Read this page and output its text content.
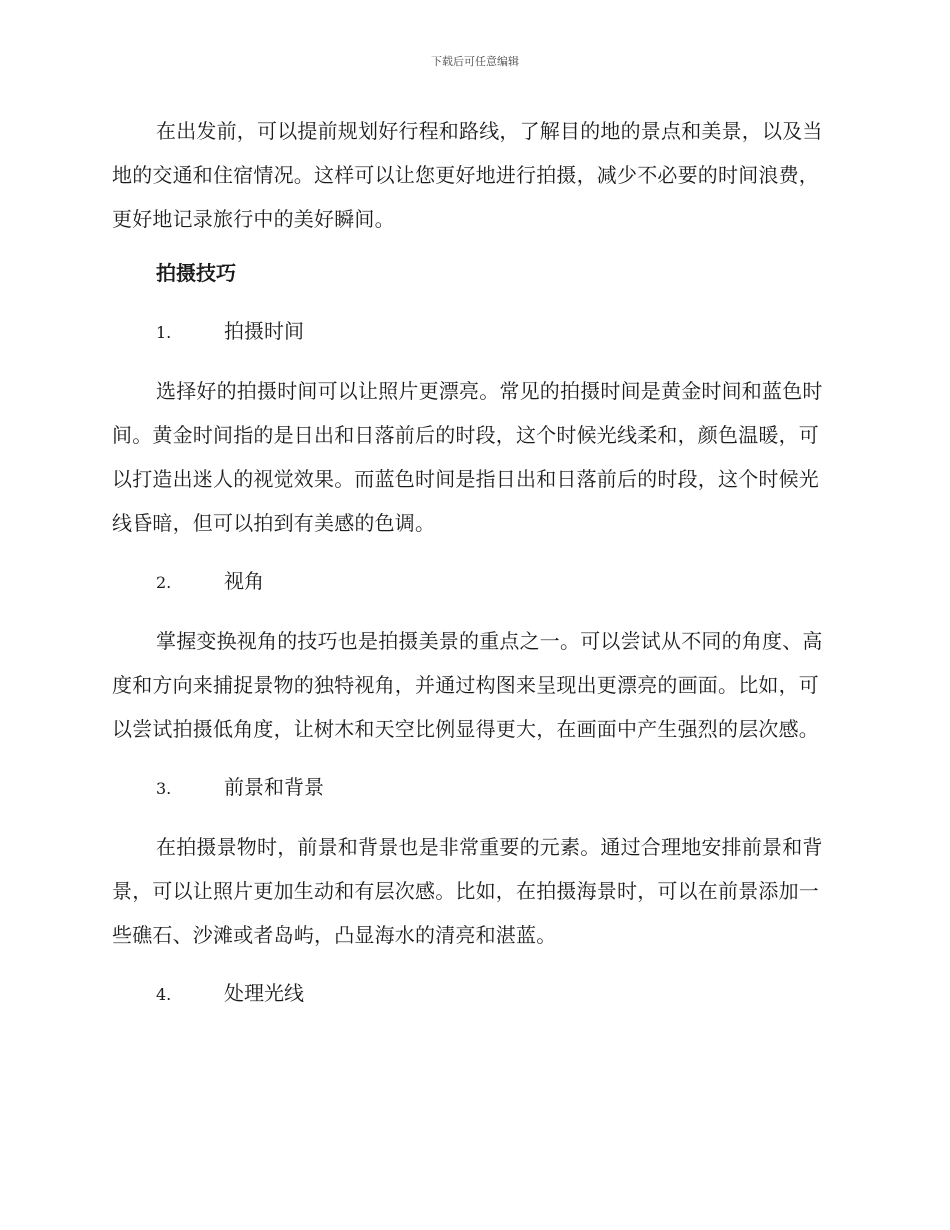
下载后可任意编辑

在出发前，可以提前规划好行程和路线，了解目的地的景点和美景，以及当地的交通和住宿情况。这样可以让您更好地进行拍摄，减少不必要的时间浪费，更好地记录旅行中的美好瞬间。

拍摄技巧

1.	拍摄时间

选择好的拍摄时间可以让照片更漂亮。常见的拍摄时间是黄金时间和蓝色时间。黄金时间指的是日出和日落前后的时段，这个时候光线柔和，颜色温暖，可以打造出迷人的视觉效果。而蓝色时间是指日出和日落前后的时段，这个时候光线昏暗，但可以拍到有美感的色调。

2.	视角

掌握变换视角的技巧也是拍摄美景的重点之一。可以尝试从不同的角度、高度和方向来捕捉景物的独特视角，并通过构图来呈现出更漂亮的画面。比如，可以尝试拍摄低角度，让树木和天空比例显得更大，在画面中产生强烈的层次感。

3.	前景和背景

在拍摄景物时，前景和背景也是非常重要的元素。通过合理地安排前景和背景，可以让照片更加生动和有层次感。比如，在拍摄海景时，可以在前景添加一些礁石、沙滩或者岛屿，凸显海水的清亮和湛蓝。

4.	处理光线
